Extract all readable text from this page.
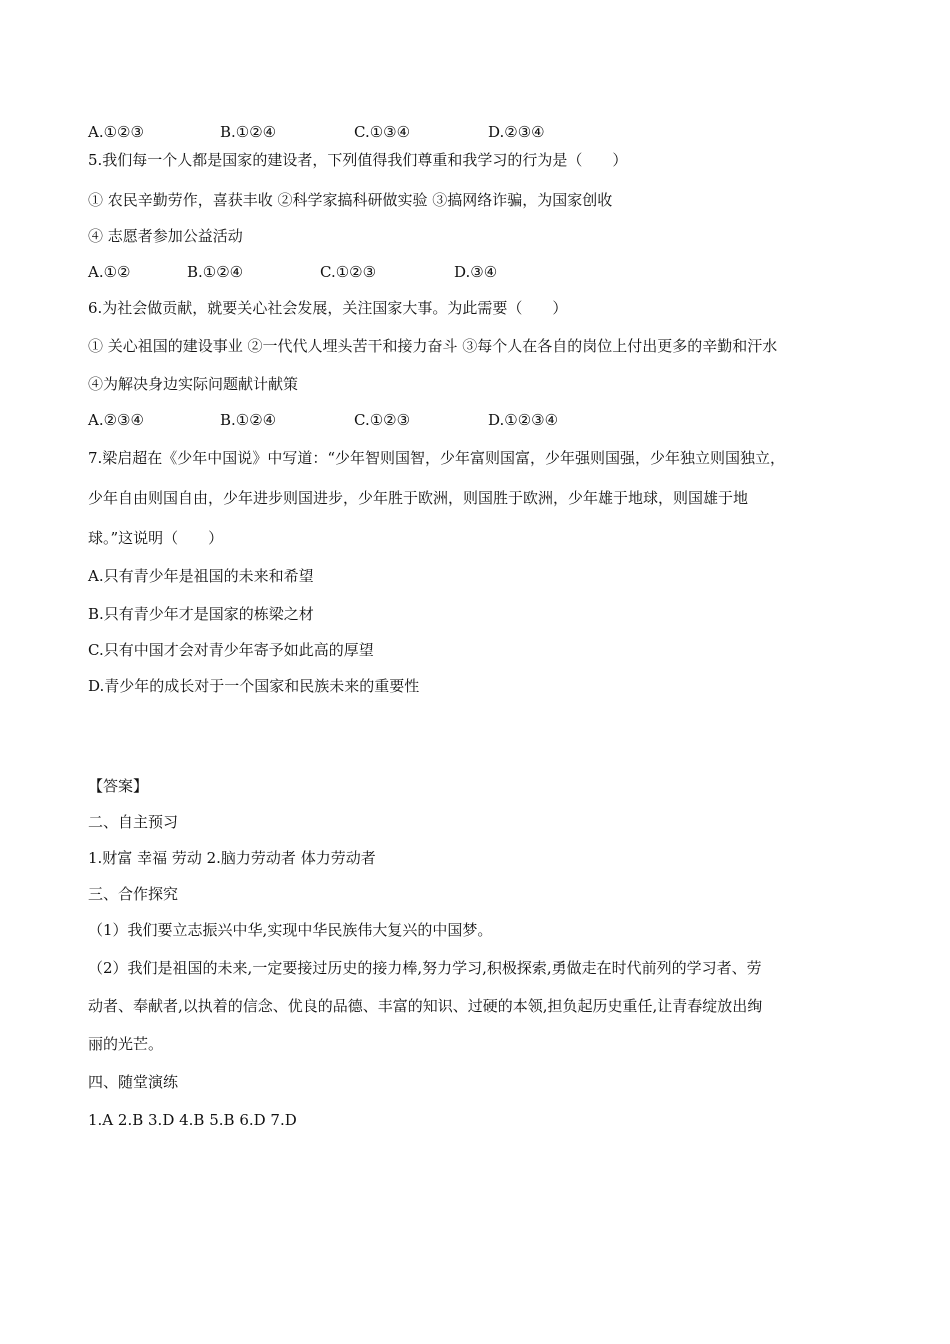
A.①②③	B.①②④	C.①③④	D.②③④
5.我们每一个人都是国家的建设者，下列值得我们尊重和我学习的行为是（　　）
① 农民辛勤劳作，喜获丰收 ②科学家搞科研做实验 ③搞网络诈骗，为国家创收
④ 志愿者参加公益活动
A.①②	B.①②④	C.①②③	D.③④
6.为社会做贡献，就要关心社会发展，关注国家大事。为此需要（　　）
① 关心祖国的建设事业 ②一代代人埋头苦干和接力奋斗 ③每个人在各自的岗位上付出更多的辛勤和汗水
④为解决身边实际问题献计献策
A.②③④	B.①②④	C.①②③	D.①②③④
7.梁启超在《少年中国说》中写道：“少年智则国智，少年富则国富，少年强则国强，少年独立则国独立，
少年自由则国自由，少年进步则国进步，少年胜于欧洲，则国胜于欧洲，少年雄于地球，则国雄于地
球。”这说明（　　）
A.只有青少年是祖国的未来和希望
B.只有青少年才是国家的栋梁之材
C.只有中国才会对青少年寄予如此高的厚望
D.青少年的成长对于一个国家和民族未来的重要性
【答案】
二、自主预习
1.财富 幸福 劳动 2.脑力劳动者 体力劳动者
三、合作探究
（1）我们要立志振兴中华,实现中华民族伟大复兴的中国梦。
（2）我们是祖国的未来,一定要接过历史的接力棒,努力学习,积极探索,勇做走在时代前列的学习者、劳
动者、奉献者,以执着的信念、优良的品德、丰富的知识、过硬的本领,担负起历史重任,让青春绽放出绚
丽的光芒。
四、随堂演练
1.A 2.B 3.D 4.B 5.B 6.D 7.D
